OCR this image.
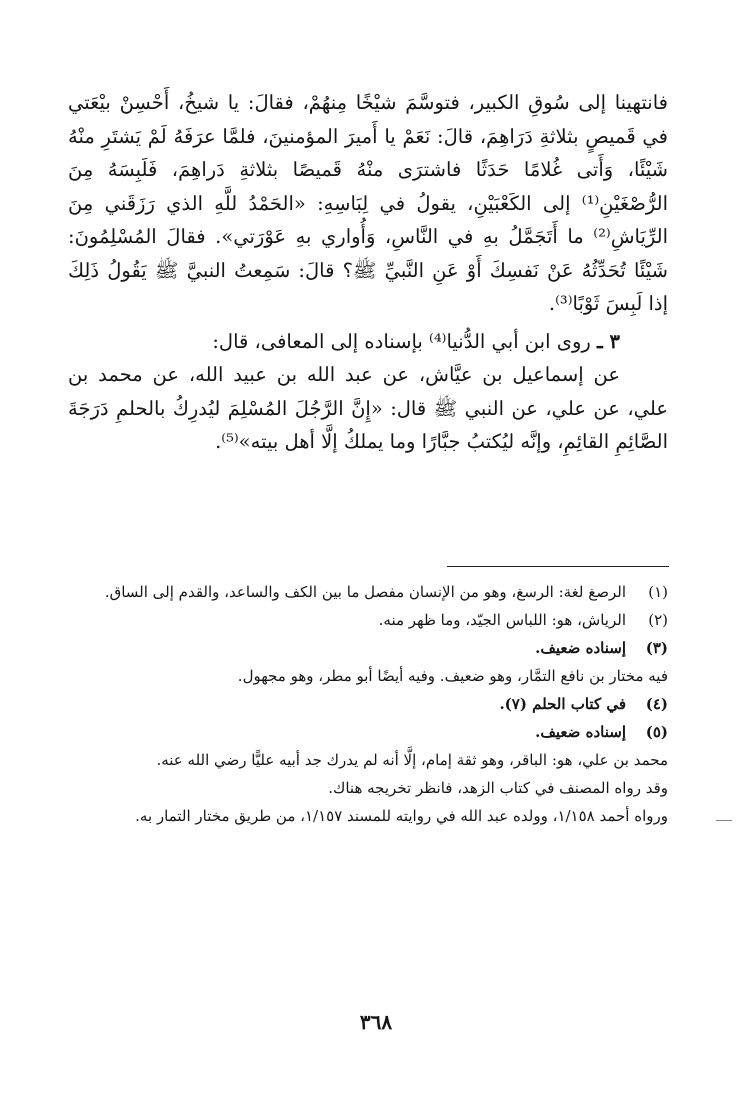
فانتهينا إلى سُوقِ الكبير، فتوسَّمَ شيْخًا مِنهُمْ، فقالَ: يا شيخُ، أَحْسِنْ بيْعَتي في قَميصٍ بثلاثةِ دَرَاهِمَ، قالَ: نَعَمْ يا أَميرَ المؤمنينَ، فلمَّا عرَفَهُ لَمْ يَشتَرِ منْهُ شَيْئًا، وَأَتى غُلامًا حَدَثًا فاشترَى منْهُ قَميصًا بثلاثةِ دَراهِمَ، فَلَبِسَهُ مِنَ الرُّصْغَيْنِ⁽¹⁾ إلى الكَعْبَيْنِ، يقولُ في لِبَاسِهِ: «الحَمْدُ للَّهِ الذي رَزَقَني مِنَ الرِّيَاشِ⁽²⁾ ما أَتَجَمَّلُ بهِ في النَّاسِ، وَأُواري بهِ عَوْرَتي». فقالَ المُسْلِمُونَ: شَيْئًا تُحَدِّثُهُ عَنْ نَفسِكَ أَوْ عَنِ النَّبيِّ ﷺ؟ قالَ: سَمِعتُ النبيَّ ﷺ يَقُولُ ذَلِكَ إذا لَبِسَ ثَوْبًا⁽³⁾.

٣ ـ روى ابن أبي الدُّنيا⁽⁴⁾ بإسناده إلى المعافى، قال:

عن إسماعيل بن عيَّاش، عن عبد الله بن عبيد الله، عن محمد بن علي، عن علي، عن النبي ﷺ قال: «إِنَّ الرَّجُلَ المُسْلِمَ ليُدرِكُ بالحلمِ دَرَجَةَ الصَّائِمِ القائِمِ، وإنَّه ليُكتبُ جبَّارًا وما يملكُ إلَّا أهل بيته»⁽⁵⁾.

(١)
الرصغ لغة: الرسغ، وهو من الإنسان مفصل ما بين الكف والساعد، والقدم إلى الساق.
(٢)
الرياش، هو: اللباس الجيّد، وما ظهر منه.
(٣)
إسناده ضعيف.

فيه مختار بن نافع التمَّار، وهو ضعيف. وفيه أيضًا أبو مطر، وهو مجهول.

(٤)
في كتاب الحلم (٧).
(٥)
إسناده ضعيف.

محمد بن علي، هو: الباقر، وهو ثقة إمام، إلَّا أنه لم يدرك جد أبيه عليًّا رضي الله عنه.

وقد رواه المصنف في كتاب الزهد، فانظر تخريجه هناك.

ورواه أحمد ١/١٥٨، وولده عبد الله في روايته للمسند ١/١٥٧، من طريق مختار التمار به.

٣٦٨
